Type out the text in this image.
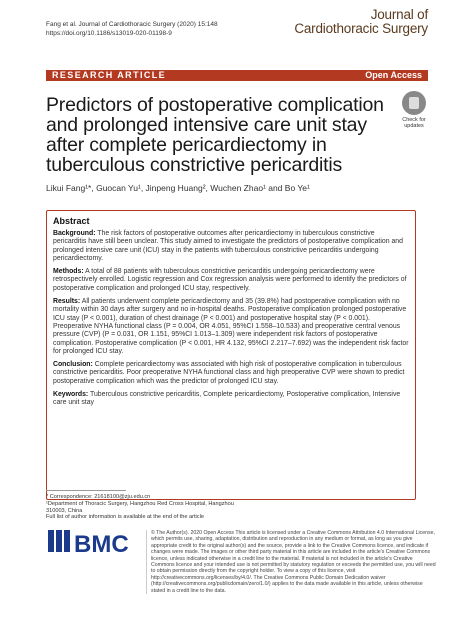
Fang et al. Journal of Cardiothoracic Surgery (2020) 15:148
https://doi.org/10.1186/s13019-020-01198-9
Journal of
Cardiothoracic Surgery
RESEARCH ARTICLE	Open Access
Predictors of postoperative complication and prolonged intensive care unit stay after complete pericardiectomy in tuberculous constrictive pericarditis
Check for updates
Likui Fang¹*, Guocan Yu¹, Jinpeng Huang², Wuchen Zhao¹ and Bo Ye¹
Abstract

Background: The risk factors of postoperative outcomes after pericardiectomy in tuberculous constrictive pericarditis have still been unclear. This study aimed to investigate the predictors of postoperative complication and prolonged intensive care unit (ICU) stay in the patients with tuberculous constrictive pericarditis undergoing pericardiectomy.

Methods: A total of 88 patients with tuberculous constrictive pericarditis undergoing pericardiectomy were retrospectively enrolled. Logistic regression and Cox regression analysis were performed to identify the predictors of postoperative complication and prolonged ICU stay, respectively.

Results: All patients underwent complete pericardiectomy and 35 (39.8%) had postoperative complication with no mortality within 30 days after surgery and no in-hospital deaths. Postoperative complication prolonged postoperative ICU stay (P < 0.001), duration of chest drainage (P < 0.001) and postoperative hospital stay (P < 0.001). Preoperative NYHA functional class (P = 0.004, OR 4.051, 95%CI 1.558–10.533) and preoperative central venous pressure (CVP) (P = 0.031, OR 1.151, 95%CI 1.013–1.309) were independent risk factors of postoperative complication. Postoperative complication (P < 0.001, HR 4.132, 95%CI 2.217–7.692) was the independent risk factor for prolonged ICU stay.

Conclusion: Complete pericardiectomy was associated with high risk of postoperative complication in tuberculous constrictive pericarditis. Poor preoperative NYHA functional class and high preoperative CVP were shown to predict postoperative complication which was the predictor of prolonged ICU stay.

Keywords: Tuberculous constrictive pericarditis, Complete pericardiectomy, Postoperative complication, Intensive care unit stay

* Correspondence: 21618100@zju.edu.cn
¹Department of Thoracic Surgery, Hangzhou Red Cross Hospital, Hangzhou
310003, China
Full list of author information is available at the end of the article
BMC	© The Author(s). 2020 Open Access This article is licensed under a Creative Commons Attribution 4.0 International License, which permits use, sharing, adaptation, distribution and reproduction in any medium or format, as long as you give appropriate credit to the original author(s) and the source, provide a link to the Creative Commons licence, and indicate if changes were made. The images or other third party material in this article are included in the article's Creative Commons licence, unless indicated otherwise in a credit line to the material. If material is not included in the article's Creative Commons licence and your intended use is not permitted by statutory regulation or exceeds the permitted use, you will need to obtain permission directly from the copyright holder. To view a copy of this licence, visit http://creativecommons.org/licenses/by/4.0/. The Creative Commons Public Domain Dedication waiver (http://creativecommons.org/publicdomain/zero/1.0/) applies to the data made available in this article, unless otherwise stated in a credit line to the data.
